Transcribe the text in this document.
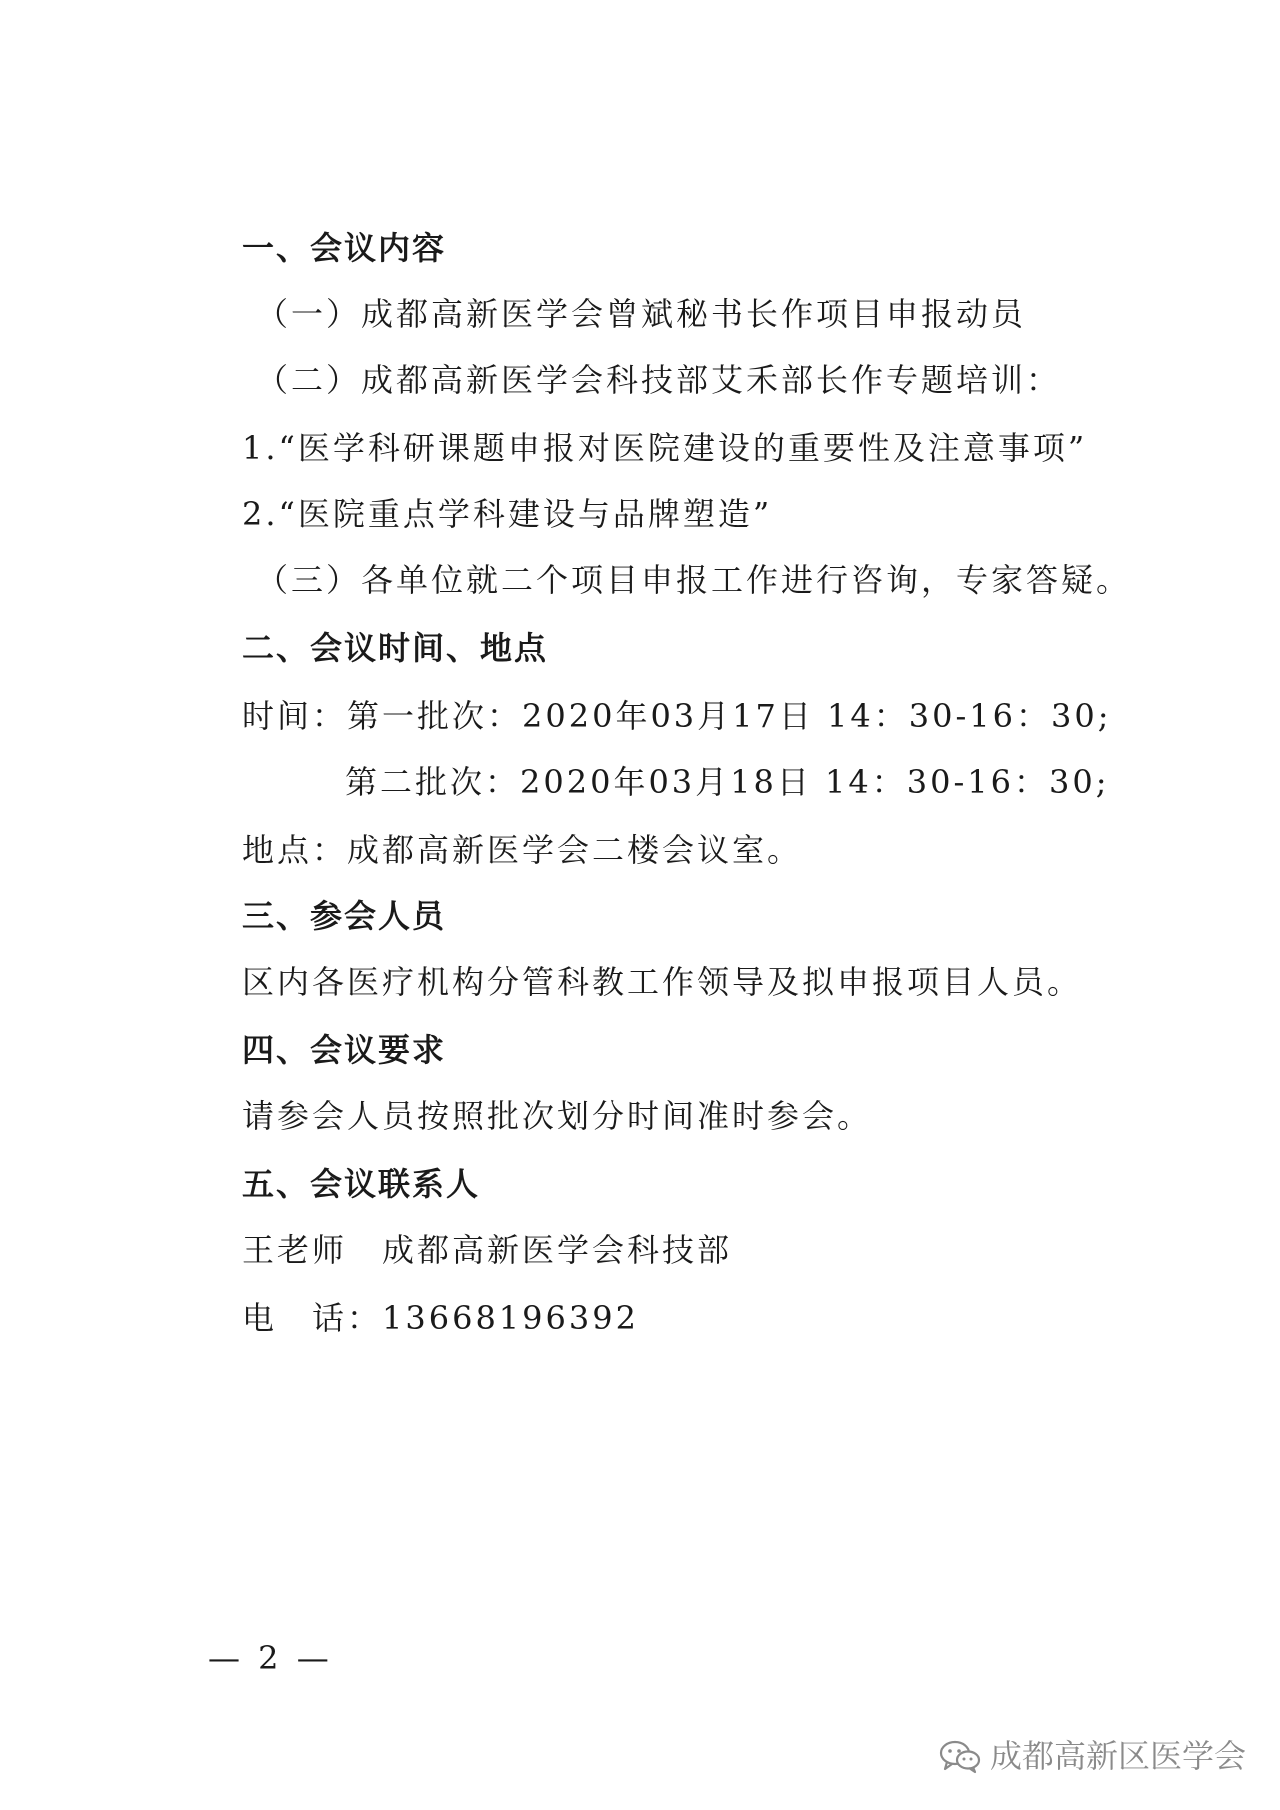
一、会议内容
（一）成都高新医学会曾斌秘书长作项目申报动员
（二）成都高新医学会科技部艾禾部长作专题培训：
1.“医学科研课题申报对医院建设的重要性及注意事项”
2.“医院重点学科建设与品牌塑造”
（三）各单位就二个项目申报工作进行咨询，专家答疑。
二、会议时间、地点
时间：第一批次：2020年03月17日 14：30-16：30;
第二批次：2020年03月18日 14：30-16：30;
地点：成都高新医学会二楼会议室。
三、参会人员
区内各医疗机构分管科教工作领导及拟申报项目人员。
四、会议要求
请参会人员按照批次划分时间准时参会。
五、会议联系人
王老师　成都高新医学会科技部
电　话：13668196392
— 2 —
成都高新区医学会
